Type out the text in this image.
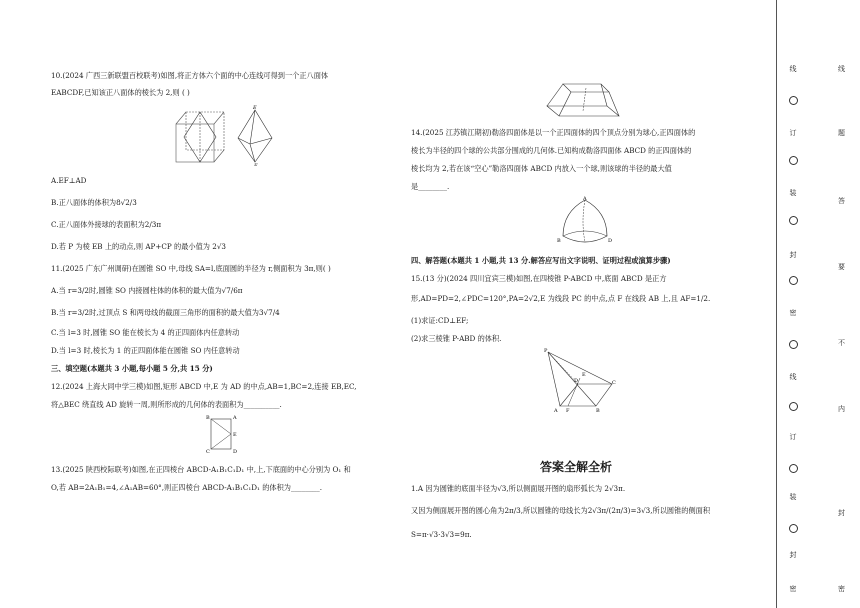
10.(2024 广西三新联盟百校联考)如图,将正方体六个面的中心连线可得到一个正八面体
EABCDF,已知该正八面体的棱长为 2,则 ( )
E
F
A.EF⊥AD
B.正八面体的体积为8√2/3
C.正八面体外接球的表面积为2/3π
D.若 P 为棱 EB 上的动点,则 AP+CP 的最小值为 2√3
11.(2025 广东广州调研)在圆锥 SO 中,母线 SA=l,底面圆的半径为 r,侧面积为 3π,则( )
A.当 r=3/2时,圆锥 SO 内接圆柱体的体积的最大值为√7/6π
B.当 r=3/2时,过顶点 S 和两母线的截面三角形的面积的最大值为3√7/4
C.当 l=3 时,圆锥 SO 能在棱长为 4 的正四面体内任意转动
D.当 l=3 时,棱长为 1 的正四面体能在圆锥 SO 内任意转动
三、填空题(本题共 3 小题,每小题 5 分,共 15 分)
12.(2024 上海大同中学三模)如图,矩形 ABCD 中,E 为 AD 的中点,AB=1,BC=2,连接 EB,EC,
将△BEC 绕直线 AD 旋转一周,则所形成的几何体的表面积为__________.
B	A
E
C	D
13.(2025 陕西校际联考)如图,在正四棱台 ABCD-A₁B₁C₁D₁ 中,上,下底面的中心分别为 O₁ 和
O,若 AB=2A₁B₁=4,∠A₁AB=60°,则正四棱台 ABCD-A₁B₁C₁D₁ 的体积为________.
14.(2025 江苏镇江期初)勒洛四面体是以一个正四面体的四个顶点分别为球心,正四面体的
棱长为半径的四个球的公共部分围成的几何体.已知构成勒洛四面体 ABCD 的正四面体的
棱长均为 2,若在该“空心”勒洛四面体 ABCD 内放入一个球,则该球的半径的最大值
是________.
A
B	D
四、解答题(本题共 1 小题,共 13 分.解答应写出文字说明、证明过程或演算步骤)
15.(13 分)(2024 四川宜宾三模)如图,在四棱锥 P-ABCD 中,底面 ABCD 是正方
形,AD=PD=2,∠PDC=120°,PA=2√2,E 为线段 PC 的中点,点 F 在线段 AB 上,且 AF=1/2.
(1)求证:CD⊥EF;
(2)求三棱锥 P-ABD 的体积.
P
A F	B
C
D
E
答案全解全析
1.A 因为圆锥的底面半径为√3,所以侧面展开图的扇形弧长为 2√3π.
又因为侧面展开图的圆心角为2π/3,所以圆锥的母线长为2√3π/(2π/3)=3√3,所以圆锥的侧面积
S=π·√3·3√3=9π.
线
订
装
封
密
线
订
装
封
密
线
题
答
要
不
内
封
密
